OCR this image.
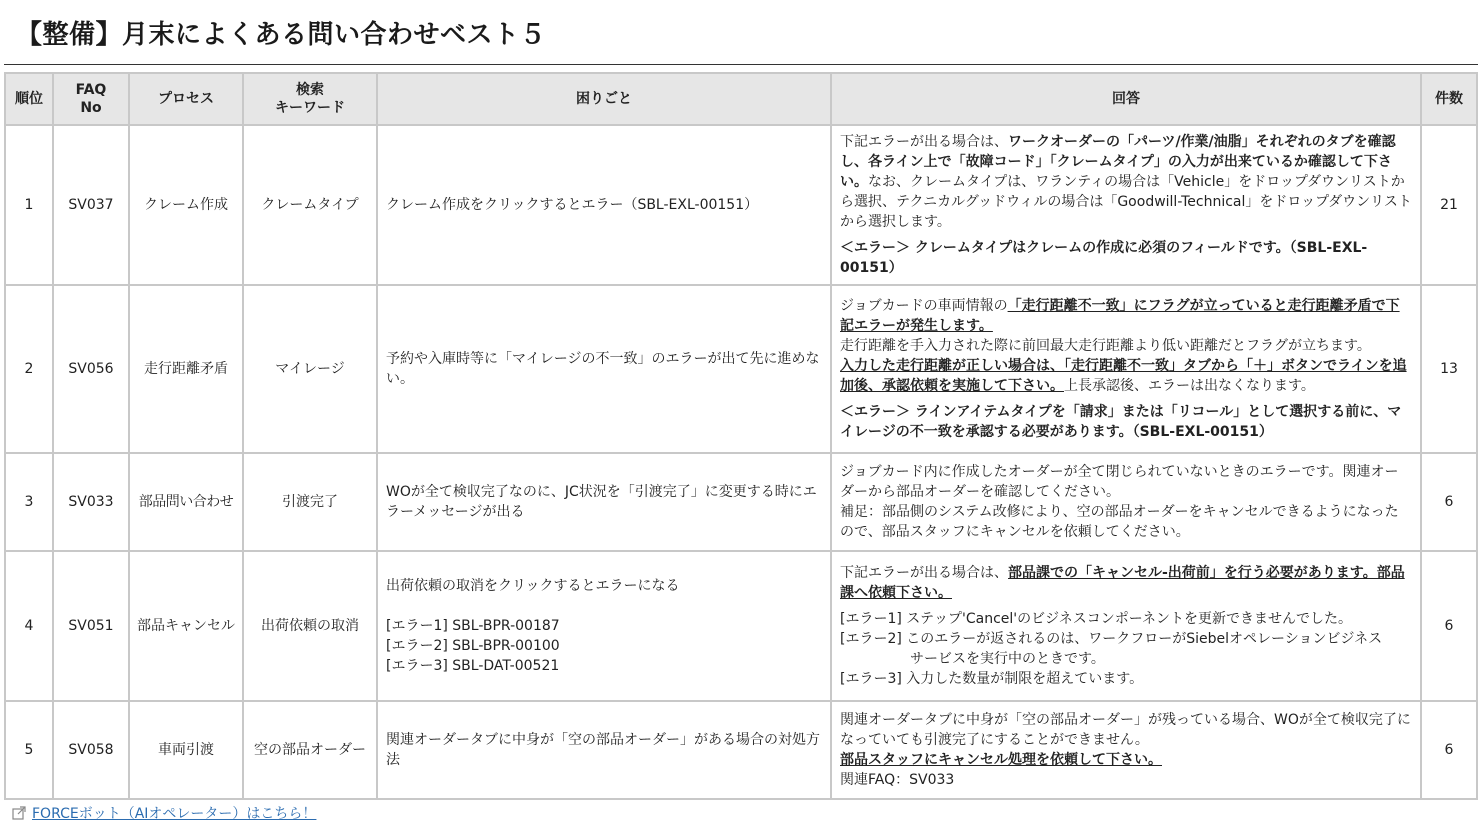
【整備】月末によくある問い合わせベスト５
順位	FAQ
No	プロセス	検索
キーワード	困りごと	回答	件数
1	SV037	クレーム作成	クレームタイプ	クレーム作成をクリックするとエラー（SBL-EXL-00151）	下記エラーが出る場合は、ワークオーダーの「パーツ/作業/油脂」それぞれのタブを確認し、各ライン上で「故障コード」「クレームタイプ」の入力が出来ているか確認して下さい。なお、クレームタイプは、ワランティの場合は「Vehicle」をドロップダウンリストから選択、テクニカルグッドウィルの場合は「Goodwill-Technical」をドロップダウンリストから選択します。
＜エラー＞ クレームタイプはクレームの作成に必須のフィールドです。（SBL-EXL-00151）	21
2	SV056	走行距離矛盾	マイレージ	予約や入庫時等に「マイレージの不一致」のエラーが出て先に進めない。	ジョブカードの車両情報の「走行距離不一致」にフラグが立っていると走行距離矛盾で下記エラーが発生します。
走行距離を手入力された際に前回最大走行距離より低い距離だとフラグが立ちます。
入力した走行距離が正しい場合は、「走行距離不一致」タブから「＋」ボタンでラインを追加後、承認依頼を実施して下さい。上長承認後、エラーは出なくなります。
＜エラー＞ ラインアイテムタイプを「請求」または「リコール」として選択する前に、マイレージの不一致を承認する必要があります。（SBL-EXL-00151）	13
3	SV033	部品問い合わせ	引渡完了	WOが全て検収完了なのに、JC状況を「引渡完了」に変更する時にエラーメッセージが出る	ジョブカード内に作成したオーダーが全て閉じられていないときのエラーです。関連オーダーから部品オーダーを確認してください。
補足：部品側のシステム改修により、空の部品オーダーをキャンセルできるようになったので、部品スタッフにキャンセルを依頼してください。	6
4	SV051	部品キャンセル	出荷依頼の取消	出荷依頼の取消をクリックするとエラーになる

[エラー1] SBL-BPR-00187
[エラー2] SBL-BPR-00100
[エラー3] SBL-DAT-00521	下記エラーが出る場合は、部品課での「キャンセル-出荷前」を行う必要があります。部品課へ依頼下さい。
[エラー1] ステップ'Cancel'のビジネスコンポーネントを更新できませんでした。
[エラー2] このエラーが返されるのは、ワークフローがSiebelオペレーションビジネス
サービスを実行中のときです。
[エラー3] 入力した数量が制限を超えています。	6
5	SV058	車両引渡	空の部品オーダー	関連オーダータブに中身が「空の部品オーダー」がある場合の対処方法	関連オーダータブに中身が「空の部品オーダー」が残っている場合、WOが全て検収完了になっていても引渡完了にすることができません。
部品スタッフにキャンセル処理を依頼して下さい。
関連FAQ：SV033	6
FORCEボット（AIオペレーター）はこちら！
